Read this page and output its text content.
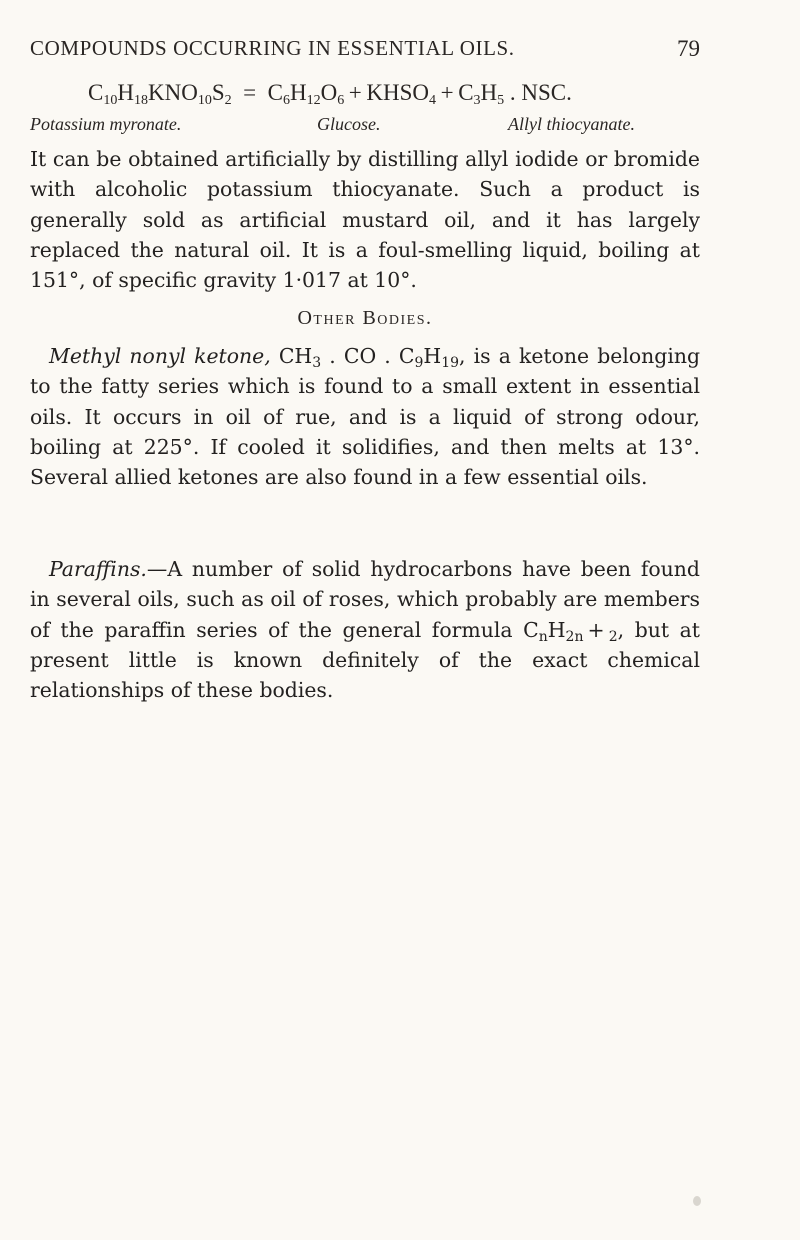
COMPOUNDS OCCURRING IN ESSENTIAL OILS.	79
$C_{10}H_{18}KNO_{10}S_2 = C_6H_{12}O_6$ + $KHSO_4 + C_3H_5$ . NSC.
Potassium myronate.	Glucose.	Allyl thiocyanate.

It can be obtained artificially by distilling allyl iodide or bromide with alcoholic potassium thiocyanate. Such a product is generally sold as artificial mustard oil, and it has largely replaced the natural oil. It is a foul-smelling liquid, boiling at 151°, of specific gravity 1·017 at 10°.

Other Bodies.

Methyl nonyl ketone, $CH_3$ . CO . $C_9H_{19}$, is a ketone belonging to the fatty series which is found to a small extent in essential oils. It occurs in oil of rue, and is a liquid of strong odour, boiling at 225°. If cooled it solidifies, and then melts at 13°. Several allied ketones are also found in a few essential oils.

Paraffins.—A number of solid hydrocarbons have been found in several oils, such as oil of roses, which probably are members of the paraffin series of the general formula $C_nH_{2n} + _2$, but at present little is known definitely of the exact chemical relationships of these bodies.
